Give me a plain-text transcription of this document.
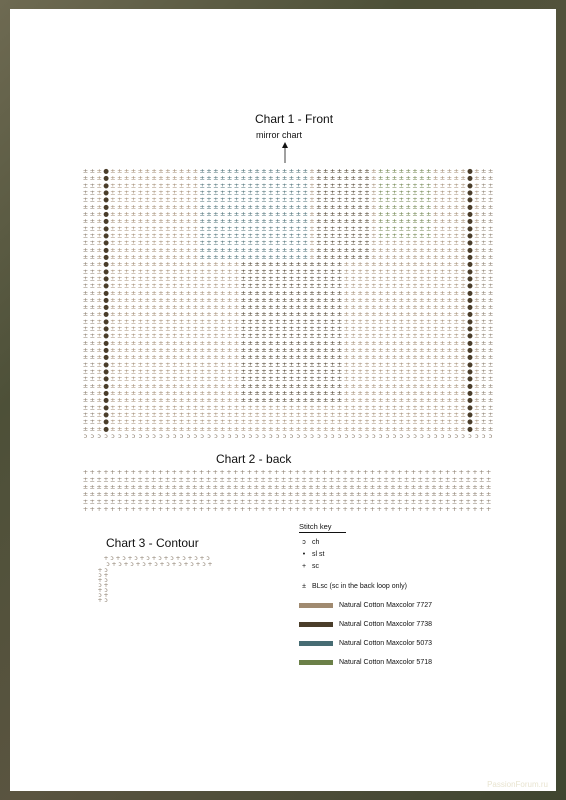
Chart 1 - Front
mirror chart
± ± ± ● ± ± ± ± ± ± ± ± ± ± ± ± ± ± ± ± ± ± ± ± ± ± ± ± ± ± ± ± ± ± ± ± ± ± ± ± ± ± ± ± ± ± ± ± ± ± ± ± ± ± ± ± ● ± ± ±
± ± ± ● ± ± ± ± ± ± ± ± ± ± ± ± ± ± ± ± ± ± ± ± ± ± ± ± ± ± ± ± ± ± ± ± ± ± ± ± ± ± ± ± ± ± ± ± ± ± ± ± ± ± ± ± ● ± ± ±
± ± ± ● ± ± ± ± ± ± ± ± ± ± ± ± ± ± ± ± ± ± ± ± ± ± ± ± ± ± ± ± ± ± ± ± ± ± ± ± ± ± ± ± ± ± ± ± ± ± ± ± ± ± ± ± ● ± ± ±
± ± ± ● ± ± ± ± ± ± ± ± ± ± ± ± ± ± ± ± ± ± ± ± ± ± ± ± ± ± ± ± ± ± ± ± ± ± ± ± ± ± ± ± ± ± ± ± ± ± ± ± ± ± ± ± ● ± ± ±
± ± ± ● ± ± ± ± ± ± ± ± ± ± ± ± ± ± ± ± ± ± ± ± ± ± ± ± ± ± ± ± ± ± ± ± ± ± ± ± ± ± ± ± ± ± ± ± ± ± ± ± ± ± ± ± ● ± ± ±
± ± ± ● ± ± ± ± ± ± ± ± ± ± ± ± ± ± ± ± ± ± ± ± ± ± ± ± ± ± ± ± ± ± ± ± ± ± ± ± ± ± ± ± ± ± ± ± ± ± ± ± ± ± ± ± ● ± ± ±
± ± ± ● ± ± ± ± ± ± ± ± ± ± ± ± ± ± ± ± ± ± ± ± ± ± ± ± ± ± ± ± ± ± ± ± ± ± ± ± ± ± ± ± ± ± ± ± ± ± ± ± ± ± ± ± ● ± ± ±
± ± ± ● ± ± ± ± ± ± ± ± ± ± ± ± ± ± ± ± ± ± ± ± ± ± ± ± ± ± ± ± ± ± ± ± ± ± ± ± ± ± ± ± ± ± ± ± ± ± ± ± ± ± ± ± ● ± ± ±
± ± ± ● ± ± ± ± ± ± ± ± ± ± ± ± ± ± ± ± ± ± ± ± ± ± ± ± ± ± ± ± ± ± ± ± ± ± ± ± ± ± ± ± ± ± ± ± ± ± ± ± ± ± ± ± ● ± ± ±
± ± ± ● ± ± ± ± ± ± ± ± ± ± ± ± ± ± ± ± ± ± ± ± ± ± ± ± ± ± ± ± ± ± ± ± ± ± ± ± ± ± ± ± ± ± ± ± ± ± ± ± ± ± ± ± ● ± ± ±
± ± ± ● ± ± ± ± ± ± ± ± ± ± ± ± ± ± ± ± ± ± ± ± ± ± ± ± ± ± ± ± ± ± ± ± ± ± ± ± ± ± ± ± ± ± ± ± ± ± ± ± ± ± ± ± ● ± ± ±
± ± ± ● ± ± ± ± ± ± ± ± ± ± ± ± ± ± ± ± ± ± ± ± ± ± ± ± ± ± ± ± ± ± ± ± ± ± ± ± ± ± ± ± ± ± ± ± ± ± ± ± ± ± ± ± ● ± ± ±
± ± ± ● ± ± ± ± ± ± ± ± ± ± ± ± ± ± ± ± ± ± ± ± ± ± ± ± ± ± ± ± ± ± ± ± ± ± ± ± ± ± ± ± ± ± ± ± ± ± ± ± ± ± ± ± ● ± ± ±
± ± ± ● ± ± ± ± ± ± ± ± ± ± ± ± ± ± ± ± ± ± ± ± ± ± ± ± ± ± ± ± ± ± ± ± ± ± ± ± ± ± ± ± ± ± ± ± ± ± ± ± ± ± ± ± ● ± ± ±
± ± ± ● ± ± ± ± ± ± ± ± ± ± ± ± ± ± ± ± ± ± ± ± ± ± ± ± ± ± ± ± ± ± ± ± ± ± ± ± ± ± ± ± ± ± ± ± ± ± ± ± ± ± ± ± ● ± ± ±
± ± ± ● ± ± ± ± ± ± ± ± ± ± ± ± ± ± ± ± ± ± ± ± ± ± ± ± ± ± ± ± ± ± ± ± ± ± ± ± ± ± ± ± ± ± ± ± ± ± ± ± ± ± ± ± ● ± ± ±
± ± ± ● ± ± ± ± ± ± ± ± ± ± ± ± ± ± ± ± ± ± ± ± ± ± ± ± ± ± ± ± ± ± ± ± ± ± ± ± ± ± ± ± ± ± ± ± ± ± ± ± ± ± ± ± ● ± ± ±
± ± ± ● ± ± ± ± ± ± ± ± ± ± ± ± ± ± ± ± ± ± ± ± ± ± ± ± ± ± ± ± ± ± ± ± ± ± ± ± ± ± ± ± ± ± ± ± ± ± ± ± ± ± ± ± ● ± ± ±
± ± ± ● ± ± ± ± ± ± ± ± ± ± ± ± ± ± ± ± ± ± ± ± ± ± ± ± ± ± ± ± ± ± ± ± ± ± ± ± ± ± ± ± ± ± ± ± ± ± ± ± ± ± ± ± ● ± ± ±
± ± ± ● ± ± ± ± ± ± ± ± ± ± ± ± ± ± ± ± ± ± ± ± ± ± ± ± ± ± ± ± ± ± ± ± ± ± ± ± ± ± ± ± ± ± ± ± ± ± ± ± ± ± ± ± ● ± ± ±
± ± ± ● ± ± ± ± ± ± ± ± ± ± ± ± ± ± ± ± ± ± ± ± ± ± ± ± ± ± ± ± ± ± ± ± ± ± ± ± ± ± ± ± ± ± ± ± ± ± ± ± ± ± ± ± ● ± ± ±
± ± ± ● ± ± ± ± ± ± ± ± ± ± ± ± ± ± ± ± ± ± ± ± ± ± ± ± ± ± ± ± ± ± ± ± ± ± ± ± ± ± ± ± ± ± ± ± ± ± ± ± ± ± ± ± ● ± ± ±
± ± ± ● ± ± ± ± ± ± ± ± ± ± ± ± ± ± ± ± ± ± ± ± ± ± ± ± ± ± ± ± ± ± ± ± ± ± ± ± ± ± ± ± ± ± ± ± ± ± ± ± ± ± ± ± ● ± ± ±
± ± ± ● ± ± ± ± ± ± ± ± ± ± ± ± ± ± ± ± ± ± ± ± ± ± ± ± ± ± ± ± ± ± ± ± ± ± ± ± ± ± ± ± ± ± ± ± ± ± ± ± ± ± ± ± ● ± ± ±
± ± ± ● ± ± ± ± ± ± ± ± ± ± ± ± ± ± ± ± ± ± ± ± ± ± ± ± ± ± ± ± ± ± ± ± ± ± ± ± ± ± ± ± ± ± ± ± ± ± ± ± ± ± ± ± ● ± ± ±
± ± ± ● ± ± ± ± ± ± ± ± ± ± ± ± ± ± ± ± ± ± ± ± ± ± ± ± ± ± ± ± ± ± ± ± ± ± ± ± ± ± ± ± ± ± ± ± ± ± ± ± ± ± ± ± ● ± ± ±
± ± ± ● ± ± ± ± ± ± ± ± ± ± ± ± ± ± ± ± ± ± ± ± ± ± ± ± ± ± ± ± ± ± ± ± ± ± ± ± ± ± ± ± ± ± ± ± ± ± ± ± ± ± ± ± ● ± ± ±
± ± ± ● ± ± ± ± ± ± ± ± ± ± ± ± ± ± ± ± ± ± ± ± ± ± ± ± ± ± ± ± ± ± ± ± ± ± ± ± ± ± ± ± ± ± ± ± ± ± ± ± ± ± ± ± ● ± ± ±
± ± ± ● ± ± ± ± ± ± ± ± ± ± ± ± ± ± ± ± ± ± ± ± ± ± ± ± ± ± ± ± ± ± ± ± ± ± ± ± ± ± ± ± ± ± ± ± ± ± ± ± ± ± ± ± ● ± ± ±
± ± ± ● ± ± ± ± ± ± ± ± ± ± ± ± ± ± ± ± ± ± ± ± ± ± ± ± ± ± ± ± ± ± ± ± ± ± ± ± ± ± ± ± ± ± ± ± ± ± ± ± ± ± ± ± ● ± ± ±
± ± ± ● ± ± ± ± ± ± ± ± ± ± ± ± ± ± ± ± ± ± ± ± ± ± ± ± ± ± ± ± ± ± ± ± ± ± ± ± ± ± ± ± ± ± ± ± ± ± ± ± ± ± ± ± ● ± ± ±
± ± ± ● ± ± ± ± ± ± ± ± ± ± ± ± ± ± ± ± ± ± ± ± ± ± ± ± ± ± ± ± ± ± ± ± ± ± ± ± ± ± ± ± ± ± ± ± ± ± ± ± ± ± ± ± ● ± ± ±
± ± ± ● ± ± ± ± ± ± ± ± ± ± ± ± ± ± ± ± ± ± ± ± ± ± ± ± ± ± ± ± ± ± ± ± ± ± ± ± ± ± ± ± ± ± ± ± ± ± ± ± ± ± ± ± ● ± ± ±
± ± ± ● ± ± ± ± ± ± ± ± ± ± ± ± ± ± ± ± ± ± ± ± ± ± ± ± ± ± ± ± ± ± ± ± ± ± ± ± ± ± ± ± ± ± ± ± ± ± ± ± ± ± ± ± ● ± ± ±
± ± ± ● ± ± ± ± ± ± ± ± ± ± ± ± ± ± ± ± ± ± ± ± ± ± ± ± ± ± ± ± ± ± ± ± ± ± ± ± ± ± ± ± ± ± ± ± ± ± ± ± ± ± ± ± ● ± ± ±
± ± ± ● ± ± ± ± ± ± ± ± ± ± ± ± ± ± ± ± ± ± ± ± ± ± ± ± ± ± ± ± ± ± ± ± ± ± ± ± ± ± ± ± ± ± ± ± ± ± ± ± ± ± ± ± ● ± ± ±
± ± ± ● ± ± ± ± ± ± ± ± ± ± ± ± ± ± ± ± ± ± ± ± ± ± ± ± ± ± ± ± ± ± ± ± ± ± ± ± ± ± ± ± ± ± ± ± ± ± ± ± ± ± ± ± ● ± ± ±
ↄ ↄ ↄ ↄ ↄ ↄ ↄ ↄ ↄ ↄ ↄ ↄ ↄ ↄ ↄ ↄ ↄ ↄ ↄ ↄ ↄ ↄ ↄ ↄ ↄ ↄ ↄ ↄ ↄ ↄ ↄ ↄ ↄ ↄ ↄ ↄ ↄ ↄ ↄ ↄ ↄ ↄ ↄ ↄ ↄ ↄ ↄ ↄ ↄ ↄ ↄ ↄ ↄ ↄ ↄ ↄ ↄ ↄ ↄ ↄ
Chart 2 - back
+ + + + + + + + + + + + + + + + + + + + + + + + + + + + + + + + + + + + + + + + + + + + + + + + + + + + + + + + + + + +
± ± ± ± ± ± ± ± ± ± ± ± ± ± ± ± ± ± ± ± ± ± ± ± ± ± ± ± ± ± ± ± ± ± ± ± ± ± ± ± ± ± ± ± ± ± ± ± ± ± ± ± ± ± ± ± ± ± ± ±
± ± ± ± ± ± ± ± ± ± ± ± ± ± ± ± ± ± ± ± ± ± ± ± ± ± ± ± ± ± ± ± ± ± ± ± ± ± ± ± ± ± ± ± ± ± ± ± ± ± ± ± ± ± ± ± ± ± ± ±
± ± ± ± ± ± ± ± ± ± ± ± ± ± ± ± ± ± ± ± ± ± ± ± ± ± ± ± ± ± ± ± ± ± ± ± ± ± ± ± ± ± ± ± ± ± ± ± ± ± ± ± ± ± ± ± ± ± ± ±
± ± ± ± ± ± ± ± ± ± ± ± ± ± ± ± ± ± ± ± ± ± ± ± ± ± ± ± ± ± ± ± ± ± ± ± ± ± ± ± ± ± ± ± ± ± ± ± ± ± ± ± ± ± ± ± ± ± ± ±
+ + + + + + + + + + + + + + + + + + + + + + + + + + + + + + + + + + + + + + + + + + + + + + + + + + + + + + + + + + + +
Chart 3 - Contour
+
ↄ
ↄ
+
+
ↄ
ↄ
+
+
ↄ
ↄ
+
+
ↄ
ↄ
+
+
ↄ
ↄ
+
+
ↄ
ↄ
+
+
ↄ
ↄ
+
+
ↄ
ↄ
+
+
ↄ
ↄ
+
+ ↄ
ↄ +
+ ↄ
ↄ +
+ ↄ
ↄ +
+ ↄ
Stitch key
ↄ ch
• sl st
+ sc
± BLsc (sc in the back loop only)
Natural Cotton Maxcolor 7727
Natural Cotton Maxcolor 7738
Natural Cotton Maxcolor 5073
Natural Cotton Maxcolor 5718
PassionForum.ru
